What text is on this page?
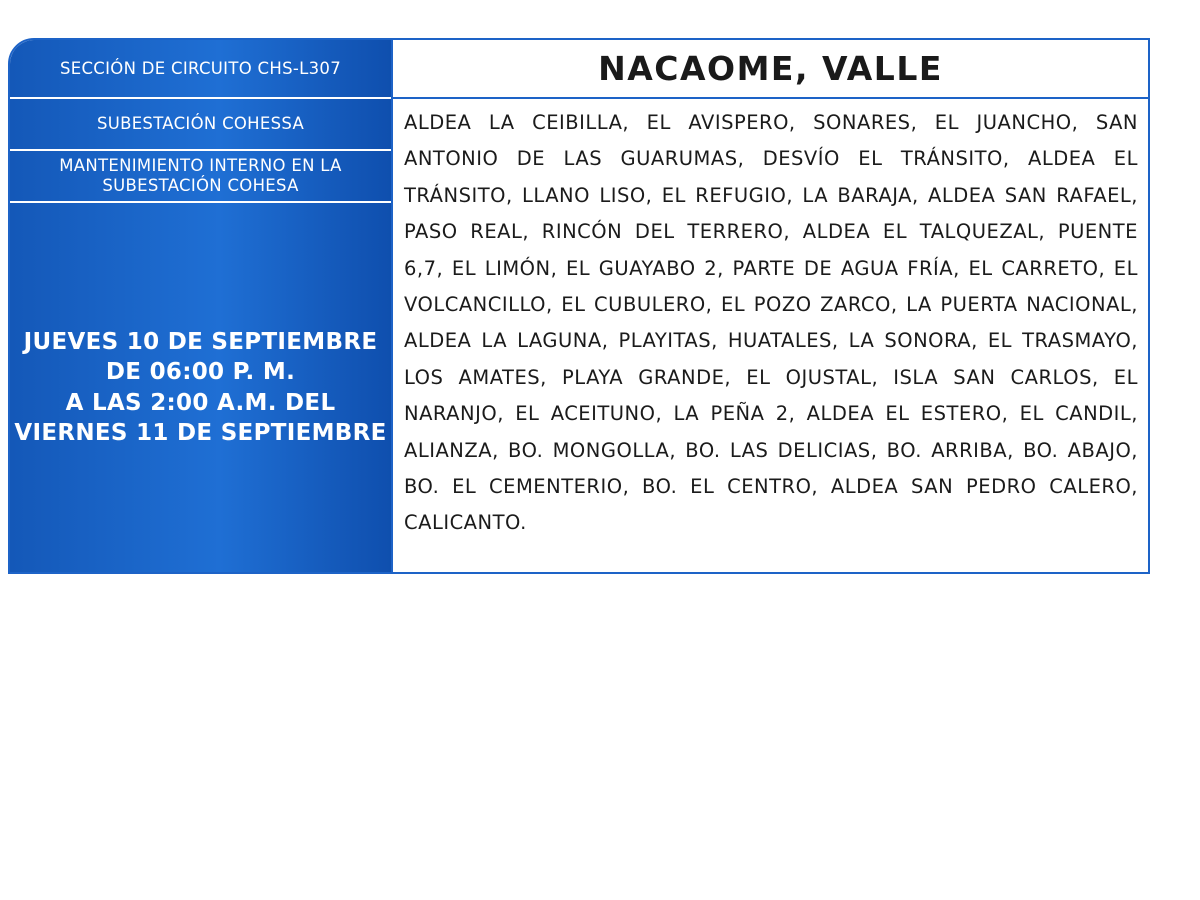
SECCIÓN DE CIRCUITO CHS-L307
SUBESTACIÓN COHESSA
MANTENIMIENTO INTERNO EN LA SUBESTACIÓN COHESA
JUEVES 10 DE SEPTIEMBRE
DE 06:00 P. M.
A LAS 2:00 A.M. DEL
VIERNES 11 DE SEPTIEMBRE
NACAOME, VALLE
ALDEA LA CEIBILLA, EL AVISPERO, SONARES, EL JUANCHO, SAN ANTONIO DE LAS GUARUMAS, DESVÍO EL TRÁNSITO, ALDEA EL TRÁNSITO, LLANO LISO, EL REFUGIO, LA BARAJA, ALDEA SAN RAFAEL, PASO REAL, RINCÓN DEL TERRERO, ALDEA EL TALQUEZAL, PUENTE 6,7, EL LIMÓN, EL GUAYABO 2, PARTE DE AGUA FRÍA, EL CARRETO, EL VOLCANCILLO, EL CUBULERO, EL POZO ZARCO, LA PUERTA NACIONAL, ALDEA LA LAGUNA, PLAYITAS, HUATALES, LA SONORA, EL TRASMAYO, LOS AMATES, PLAYA GRANDE, EL OJUSTAL, ISLA SAN CARLOS, EL NARANJO, EL ACEITUNO, LA PEÑA 2, ALDEA EL ESTERO, EL CANDIL, ALIANZA, BO. MONGOLLA, BO. LAS DELICIAS, BO. ARRIBA, BO. ABAJO, BO. EL CEMENTERIO, BO. EL CENTRO, ALDEA SAN PEDRO CALERO, CALICANTO.
